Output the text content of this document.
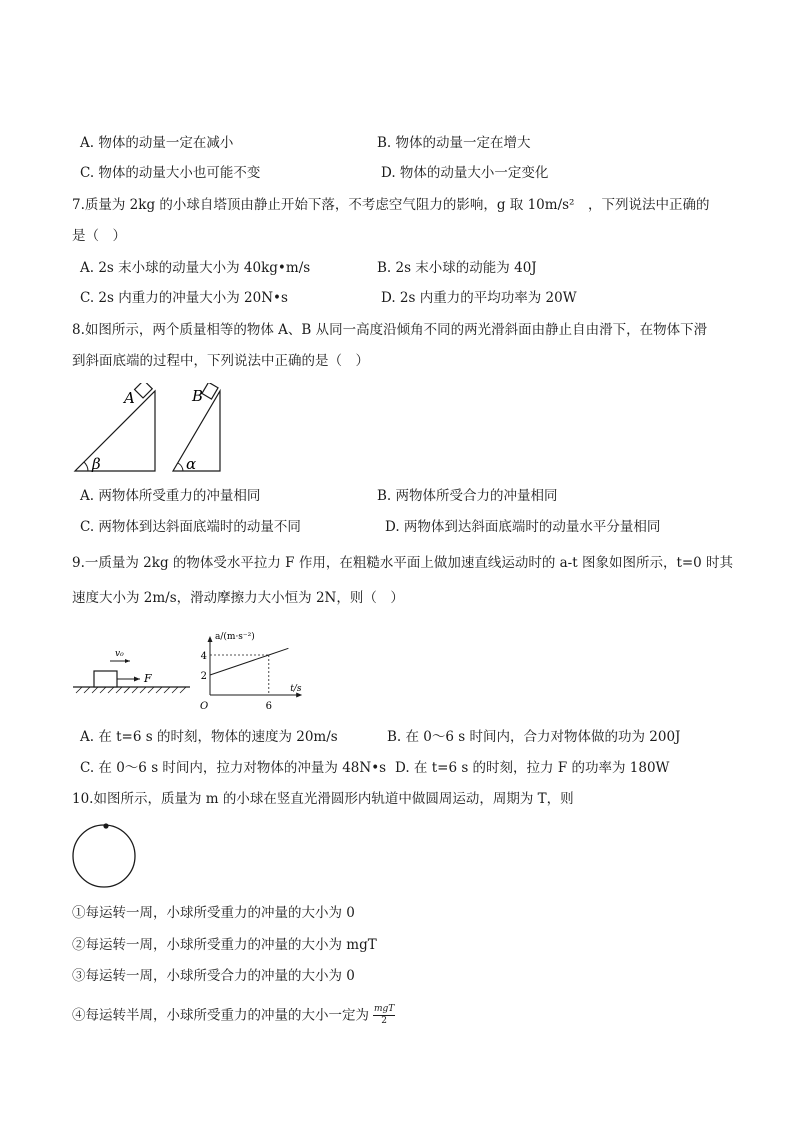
A. 物体的动量一定在减小	B. 物体的动量一定在增大
C. 物体的动量大小也可能不变	D. 物体的动量大小一定变化
7.质量为 2kg 的小球自塔顶由静止开始下落，不考虑空气阻力的影响，g 取 10m/s²　，下列说法中正确的
是（　）
A. 2s 末小球的动量大小为 40kg•m/s	B. 2s 末小球的动能为 40J
C. 2s 内重力的冲量大小为 20N•s	D. 2s 内重力的平均功率为 20W
8.如图所示，两个质量相等的物体 A、B 从同一高度沿倾角不同的两光滑斜面由静止自由滑下，在物体下滑
到斜面底端的过程中，下列说法中正确的是（　）
A
β
B
α
A. 两物体所受重力的冲量相同	B. 两物体所受合力的冲量相同
C. 两物体到达斜面底端时的动量不同	D. 两物体到达斜面底端时的动量水平分量相同
9.一质量为 2kg 的物体受水平拉力 F 作用，在粗糙水平面上做加速直线运动时的 a-t 图象如图所示，t=0 时其
速度大小为 2m/s，滑动摩擦力大小恒为 2N，则（　）
F
v₀
a/(m·s⁻²)
t/s
O
2
4
6
A. 在 t=6 s 的时刻，物体的速度为 20m/s	B. 在 0～6 s 时间内，合力对物体做的功为 200J
C. 在 0～6 s 时间内，拉力对物体的冲量为 48N•s D. 在 t=6 s 的时刻，拉力 F 的功率为 180W
10.如图所示，质量为 m 的小球在竖直光滑圆形内轨道中做圆周运动，周期为 T，则
①每运转一周，小球所受重力的冲量的大小为 0
②每运转一周，小球所受重力的冲量的大小为 mgT
③每运转一周，小球所受合力的冲量的大小为 0
④每运转半周，小球所受重力的冲量的大小一定为 $\frac{\text{mgT}}{2}$
